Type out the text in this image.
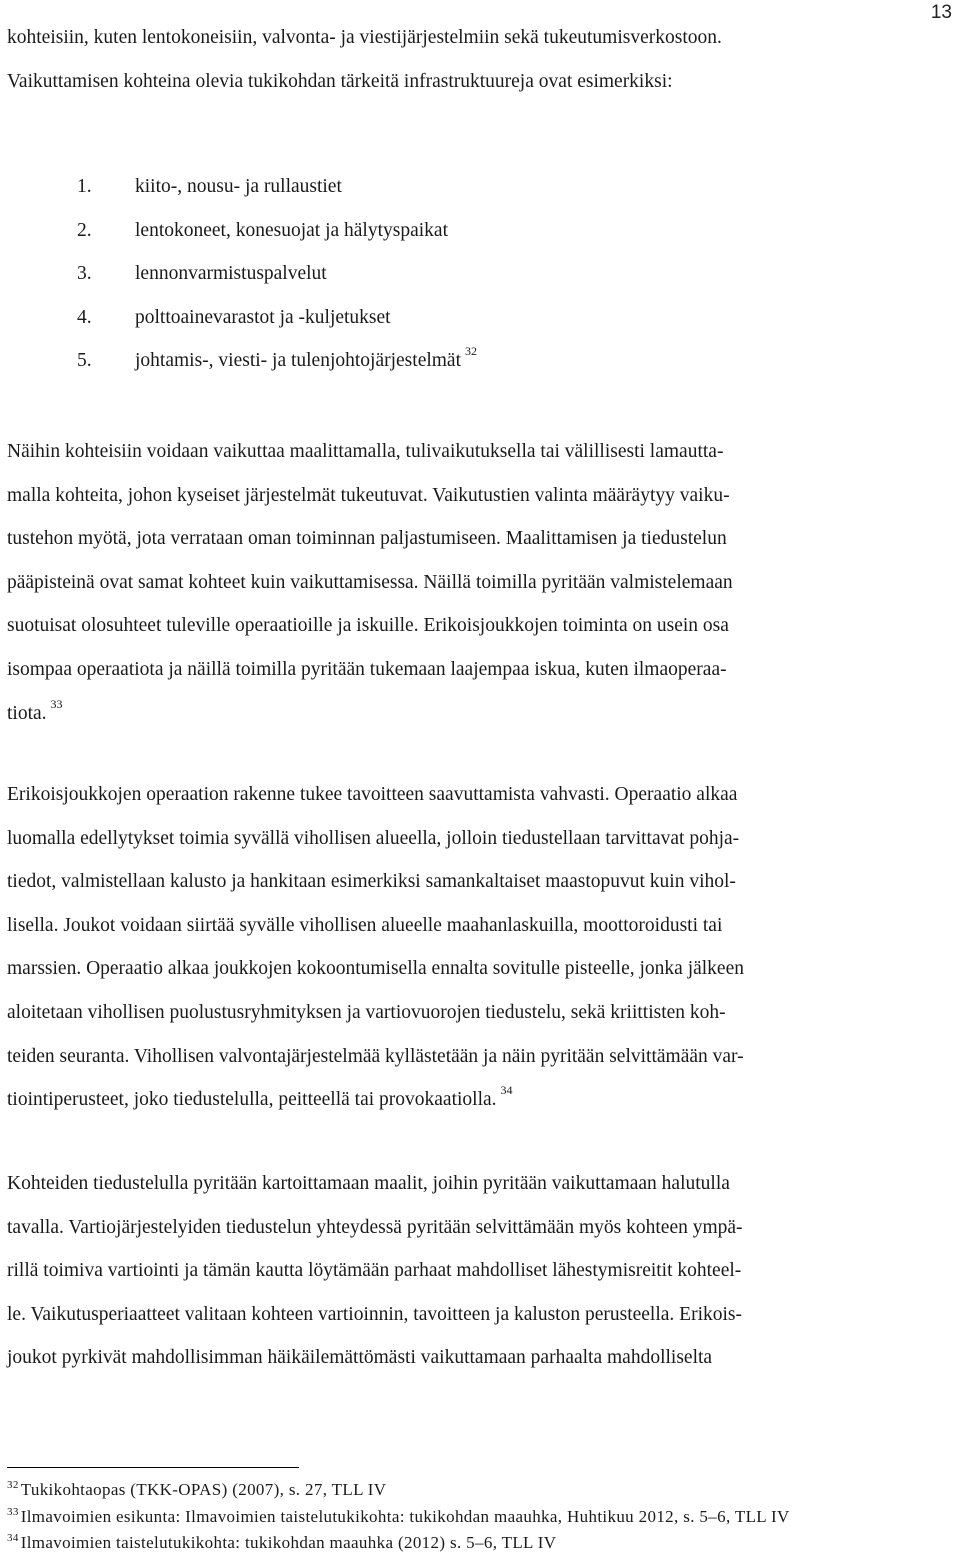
13
kohteisiin, kuten lentokoneisiin, valvonta- ja viestijärjestelmiin sekä tukeutumisverkostoon.
Vaikuttamisen kohteina olevia tukikohdan tärkeitä infrastruktuureja ovat esimerkiksi:
1. kiito-, nousu- ja rullaustiet
2. lentokoneet, konesuojat ja hälytyspaikat
3. lennonvarmistuspalvelut
4. polttoainevarastot ja -kuljetukset
5. johtamis-, viesti- ja tulenjohtojärjestelmät $^{32}$
Näihin kohteisiin voidaan vaikuttaa maalittamalla, tulivaikutuksella tai välillisesti lamautta-
malla kohteita, johon kyseiset järjestelmät tukeutuvat. Vaikutustien valinta määräytyy vaiku-
tustehon myötä, jota verrataan oman toiminnan paljastumiseen. Maalittamisen ja tiedustelun
pääpisteinä ovat samat kohteet kuin vaikuttamisessa. Näillä toimilla pyritään valmistelemaan
suotuisat olosuhteet tuleville operaatioille ja iskuille. Erikoisjoukkojen toiminta on usein osa
isompaa operaatiota ja näillä toimilla pyritään tukemaan laajempaa iskua, kuten ilmaoperaa-
tiota. $^{33}$
Erikoisjoukkojen operaation rakenne tukee tavoitteen saavuttamista vahvasti. Operaatio alkaa
luomalla edellytykset toimia syvällä vihollisen alueella, jolloin tiedustellaan tarvittavat pohja-
tiedot, valmistellaan kalusto ja hankitaan esimerkiksi samankaltaiset maastopuvut kuin vihol-
lisella. Joukot voidaan siirtää syvälle vihollisen alueelle maahanlaskuilla, moottoroidusti tai
marssien. Operaatio alkaa joukkojen kokoontumisella ennalta sovitulle pisteelle, jonka jälkeen
aloitetaan vihollisen puolustusryhmityksen ja vartiovuorojen tiedustelu, sekä kriittisten koh-
teiden seuranta. Vihollisen valvontajärjestelmää kyllästetään ja näin pyritään selvittämään var-
tiointiperusteet, joko tiedustelulla, peitteellä tai provokaatiolla. $^{34}$
Kohteiden tiedustelulla pyritään kartoittamaan maalit, joihin pyritään vaikuttamaan halutulla
tavalla. Vartiojärjestelyiden tiedustelun yhteydessä pyritään selvittämään myös kohteen ympä-
rillä toimiva vartiointi ja tämän kautta löytämään parhaat mahdolliset lähestymisreitit kohteel-
le. Vaikutusperiaatteet valitaan kohteen vartioinnin, tavoitteen ja kaluston perusteella. Erikois-
joukot pyrkivät mahdollisimman häikäilemättömästi vaikuttamaan parhaalta mahdolliselta
$^{32}$ Tukikohtaopas (TKK-OPAS) (2007), s. 27, TLL IV
$^{33}$ Ilmavoimien esikunta: Ilmavoimien taistelutukikohta: tukikohdan maauhka, Huhtikuu 2012, s. 5–6, TLL IV
$^{34}$ Ilmavoimien taistelutukikohta: tukikohdan maauhka (2012) s. 5–6, TLL IV
